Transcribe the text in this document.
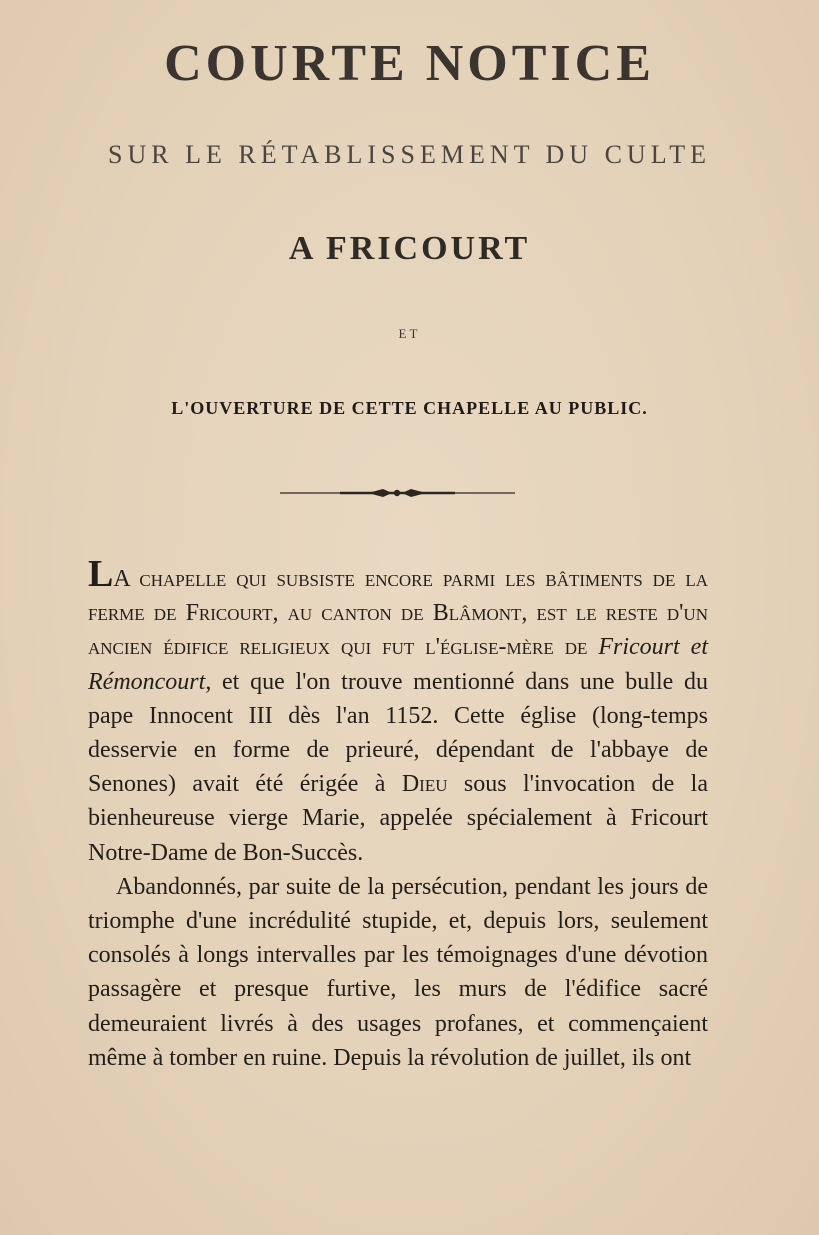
COURTE NOTICE
SUR LE RÉTABLISSEMENT DU CULTE
A FRICOURT
ET
L'OUVERTURE DE CETTE CHAPELLE AU PUBLIC.

LA chapelle qui subsiste encore parmi les bâtiments de la ferme de Fricourt, au canton de Blâmont, est le reste d'un ancien édifice religieux qui fut l'église-mère de Fricourt et Rémoncourt, et que l'on trouve mentionné dans une bulle du pape Innocent III dès l'an 1152. Cette église (long-temps desservie en forme de prieuré, dépendant de l'abbaye de Senones) avait été érigée à Dieu sous l'invocation de la bienheureuse vierge Marie, appelée spécialement à Fricourt Notre-Dame de Bon-Succès.

Abandonnés, par suite de la persécution, pendant les jours de triomphe d'une incrédulité stupide, et, depuis lors, seulement consolés à longs intervalles par les témoignages d'une dévotion passagère et presque furtive, les murs de l'édifice sacré demeuraient livrés à des usages profanes, et commençaient même à tomber en ruine. Depuis la révolution de juillet, ils ont
